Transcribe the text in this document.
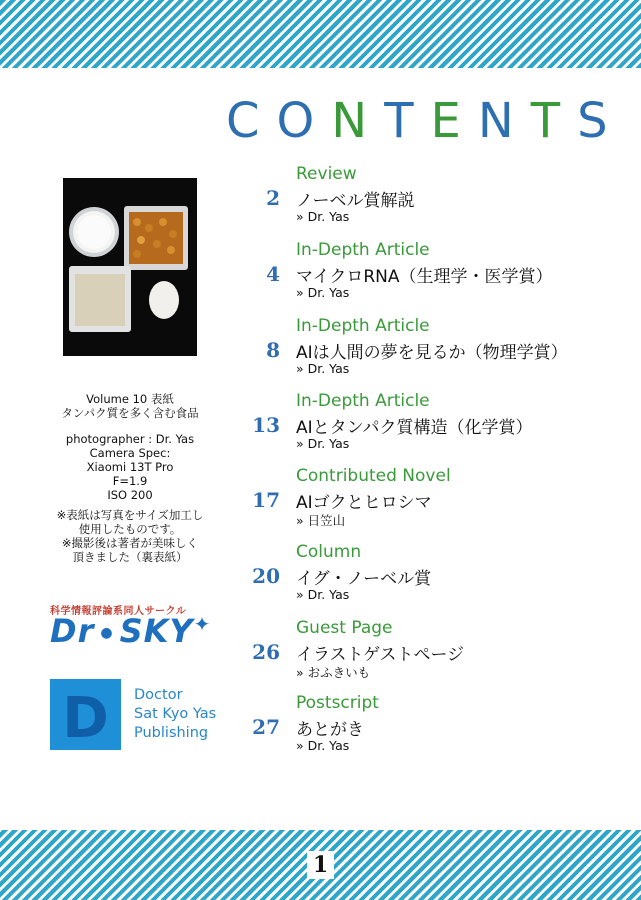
CONTENTS
Volume 10 表紙
タンパク質を多く含む食品
photographer : Dr. Yas
Camera Spec:
Xiaomi 13T Pro
F=1.9
ISO 200
※表紙は写真をサイズ加工し
使用したものです。
※撮影後は著者が美味しく
頂きました（裏表紙）
科学情報評論系同人サークル
Dr ● SKY✦
D Doctor
Sat Kyo Yas
Publishing
2
Review
ノーベル賞解説
» Dr. Yas
4
In-Depth Article
マイクロRNA（生理学・医学賞）
» Dr. Yas
8
In-Depth Article
AIは人間の夢を見るか（物理学賞）
» Dr. Yas
13
In-Depth Article
AIとタンパク質構造（化学賞）
» Dr. Yas
17
Contributed Novel
AIゴクとヒロシマ
» 日笠山
20
Column
イグ・ノーベル賞
» Dr. Yas
26
Guest Page
イラストゲストページ
» おふきいも
27
Postscript
あとがき
» Dr. Yas
1
